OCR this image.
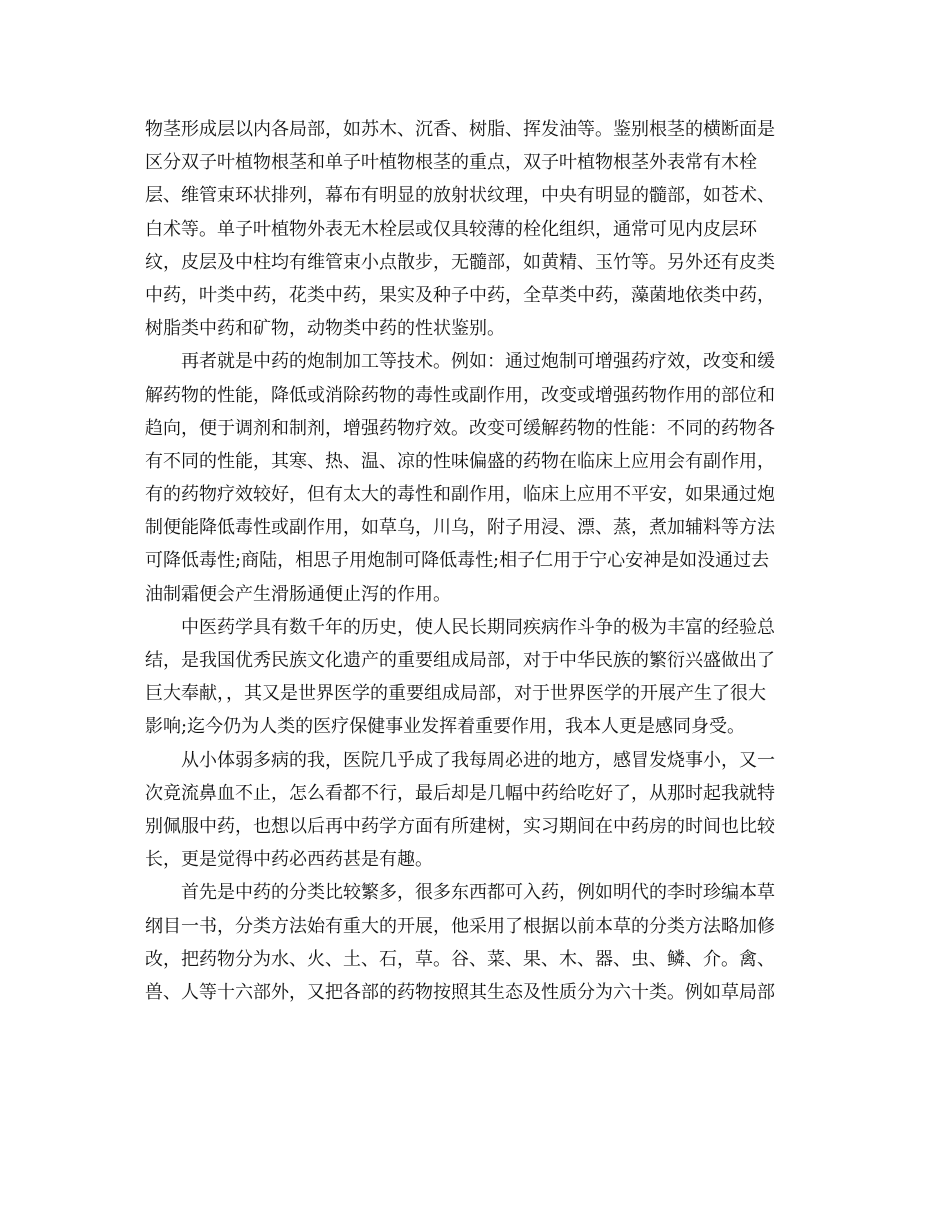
物茎形成层以内各局部，如苏木、沉香、树脂、挥发油等。鉴别根茎的横断面是
区分双子叶植物根茎和单子叶植物根茎的重点，双子叶植物根茎外表常有木栓
层、维管束环状排列，幕布有明显的放射状纹理，中央有明显的髓部，如苍术、
白术等。单子叶植物外表无木栓层或仅具较薄的栓化组织，通常可见内皮层环
纹，皮层及中柱均有维管束小点散步，无髓部，如黄精、玉竹等。另外还有皮类
中药，叶类中药，花类中药，果实及种子中药，全草类中药，藻菌地依类中药，
树脂类中药和矿物，动物类中药的性状鉴别。
再者就是中药的炮制加工等技术。例如：通过炮制可增强药疗效，改变和缓
解药物的性能，降低或消除药物的毒性或副作用，改变或增强药物作用的部位和
趋向，便于调剂和制剂，增强药物疗效。改变可缓解药物的性能：不同的药物各
有不同的性能，其寒、热、温、凉的性味偏盛的药物在临床上应用会有副作用，
有的药物疗效较好，但有太大的毒性和副作用，临床上应用不平安，如果通过炮
制便能降低毒性或副作用，如草乌，川乌，附子用浸、漂、蒸，煮加辅料等方法
可降低毒性;商陆，相思子用炮制可降低毒性;相子仁用于宁心安神是如没通过去
油制霜便会产生滑肠通便止泻的作用。
中医药学具有数千年的历史，使人民长期同疾病作斗争的极为丰富的经验总
结，是我国优秀民族文化遗产的重要组成局部，对于中华民族的繁衍兴盛做出了
巨大奉献，，其又是世界医学的重要组成局部，对于世界医学的开展产生了很大
影响;迄今仍为人类的医疗保健事业发挥着重要作用，我本人更是感同身受。
从小体弱多病的我，医院几乎成了我每周必进的地方，感冒发烧事小，又一
次竟流鼻血不止，怎么看都不行，最后却是几幅中药给吃好了，从那时起我就特
别佩服中药，也想以后再中药学方面有所建树，实习期间在中药房的时间也比较
长，更是觉得中药必西药甚是有趣。
首先是中药的分类比较繁多，很多东西都可入药，例如明代的李时珍编本草
纲目一书，分类方法始有重大的开展，他采用了根据以前本草的分类方法略加修
改，把药物分为水、火、土、石，草。谷、菜、果、木、器、虫、鳞、介。禽、
兽、人等十六部外，又把各部的药物按照其生态及性质分为六十类。例如草局部
